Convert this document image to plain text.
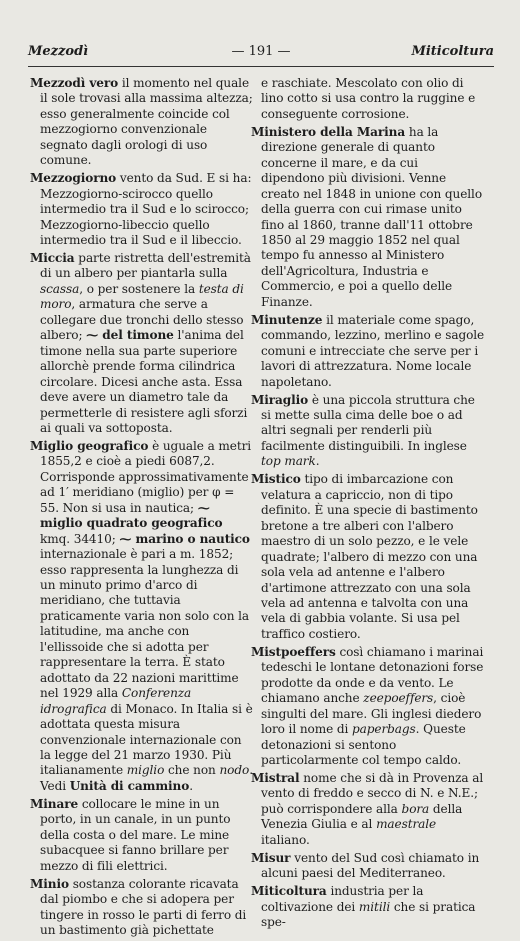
Mezzodì	— 191 —	Miticoltura

Mezzodì vero il momento nel quale il sole trovasi alla massima altezza; esso generalmente coincide col mezzogiorno convenzionale segnato dagli orologi di uso comune.

Mezzogiorno vento da Sud. E si ha: Mezzogiorno-scirocco quello intermedio tra il Sud e lo scirocco; Mezzogiorno-libeccio quello intermedio tra il Sud e il libeccio.

Miccia parte ristretta dell'estremità di un albero per piantarla sulla scassa, o per sostenere la testa di moro, armatura che serve a collegare due tronchi dello stesso albero; ⁓ del timone l'anima del timone nella sua parte superiore allorchè prende forma cilindrica circolare. Dicesi anche asta. Essa deve avere un diametro tale da permetterle di resistere agli sforzi ai quali va sottoposta.

Miglio geografico è uguale a metri 1855,2 e cioè a piedi 6087,2. Corrisponde approssimativamente ad 1′ meridiano (miglio) per φ = 55. Non si usa in nautica; ⁓ miglio quadrato geografico kmq. 34410; ⁓ marino o nautico internazionale è pari a m. 1852; esso rappresenta la lunghezza di un minuto primo d'arco di meridiano, che tuttavia praticamente varia non solo con la latitudine, ma anche con l'ellissoide che si adotta per rappresentare la terra. È stato adottato da 22 nazioni marittime nel 1929 alla Conferenza idrografica di Monaco. In Italia si è adottata questa misura convenzionale internazionale con la legge del 21 marzo 1930. Più italianamente miglio che non nodo. Vedi Unità di cammino.

Minare collocare le mine in un porto, in un canale, in un punto della costa o del mare. Le mine subacquee si fanno brillare per mezzo di fili elettrici.

Minio sostanza colorante ricavata dal piombo e che si adopera per tingere in rosso le parti di ferro di un bastimento già pichettate

e raschiate. Mescolato con olio di lino cotto si usa contro la ruggine e conseguente corrosione.

Ministero della Marina ha la direzione generale di quanto concerne il mare, e da cui dipendono più divisioni. Venne creato nel 1848 in unione con quello della guerra con cui rimase unito fino al 1860, tranne dall'11 ottobre 1850 al 29 maggio 1852 nel qual tempo fu annesso al Ministero dell'Agricoltura, Industria e Commercio, e poi a quello delle Finanze.

Minutenze il materiale come spago, commando, lezzino, merlino e sagole comuni e intrecciate che serve per i lavori di attrezzatura. Nome locale napoletano.

Miraglio è una piccola struttura che si mette sulla cima delle boe o ad altri segnali per renderli più facilmente distinguibili. In inglese top mark.

Mistico tipo di imbarcazione con velatura a capriccio, non di tipo definito. È una specie di bastimento bretone a tre alberi con l'albero maestro di un solo pezzo, e le vele quadrate; l'albero di mezzo con una sola vela ad antenne e l'albero d'artimone attrezzato con una sola vela ad antenna e talvolta con una vela di gabbia volante. Si usa pel traffico costiero.

Mistpoeffers così chiamano i marinai tedeschi le lontane detonazioni forse prodotte da onde e da vento. Le chiamano anche zeepoeffers, cioè singulti del mare. Gli inglesi diedero loro il nome di paperbags. Queste detonazioni si sentono particolarmente col tempo caldo.

Mistral nome che si dà in Provenza al vento di freddo e secco di N. e N.E.; può corrispondere alla bora della Venezia Giulia e al maestrale italiano.

Misur vento del Sud così chiamato in alcuni paesi del Mediterraneo.

Miticoltura industria per la coltivazione dei mitili che si pratica spe-
